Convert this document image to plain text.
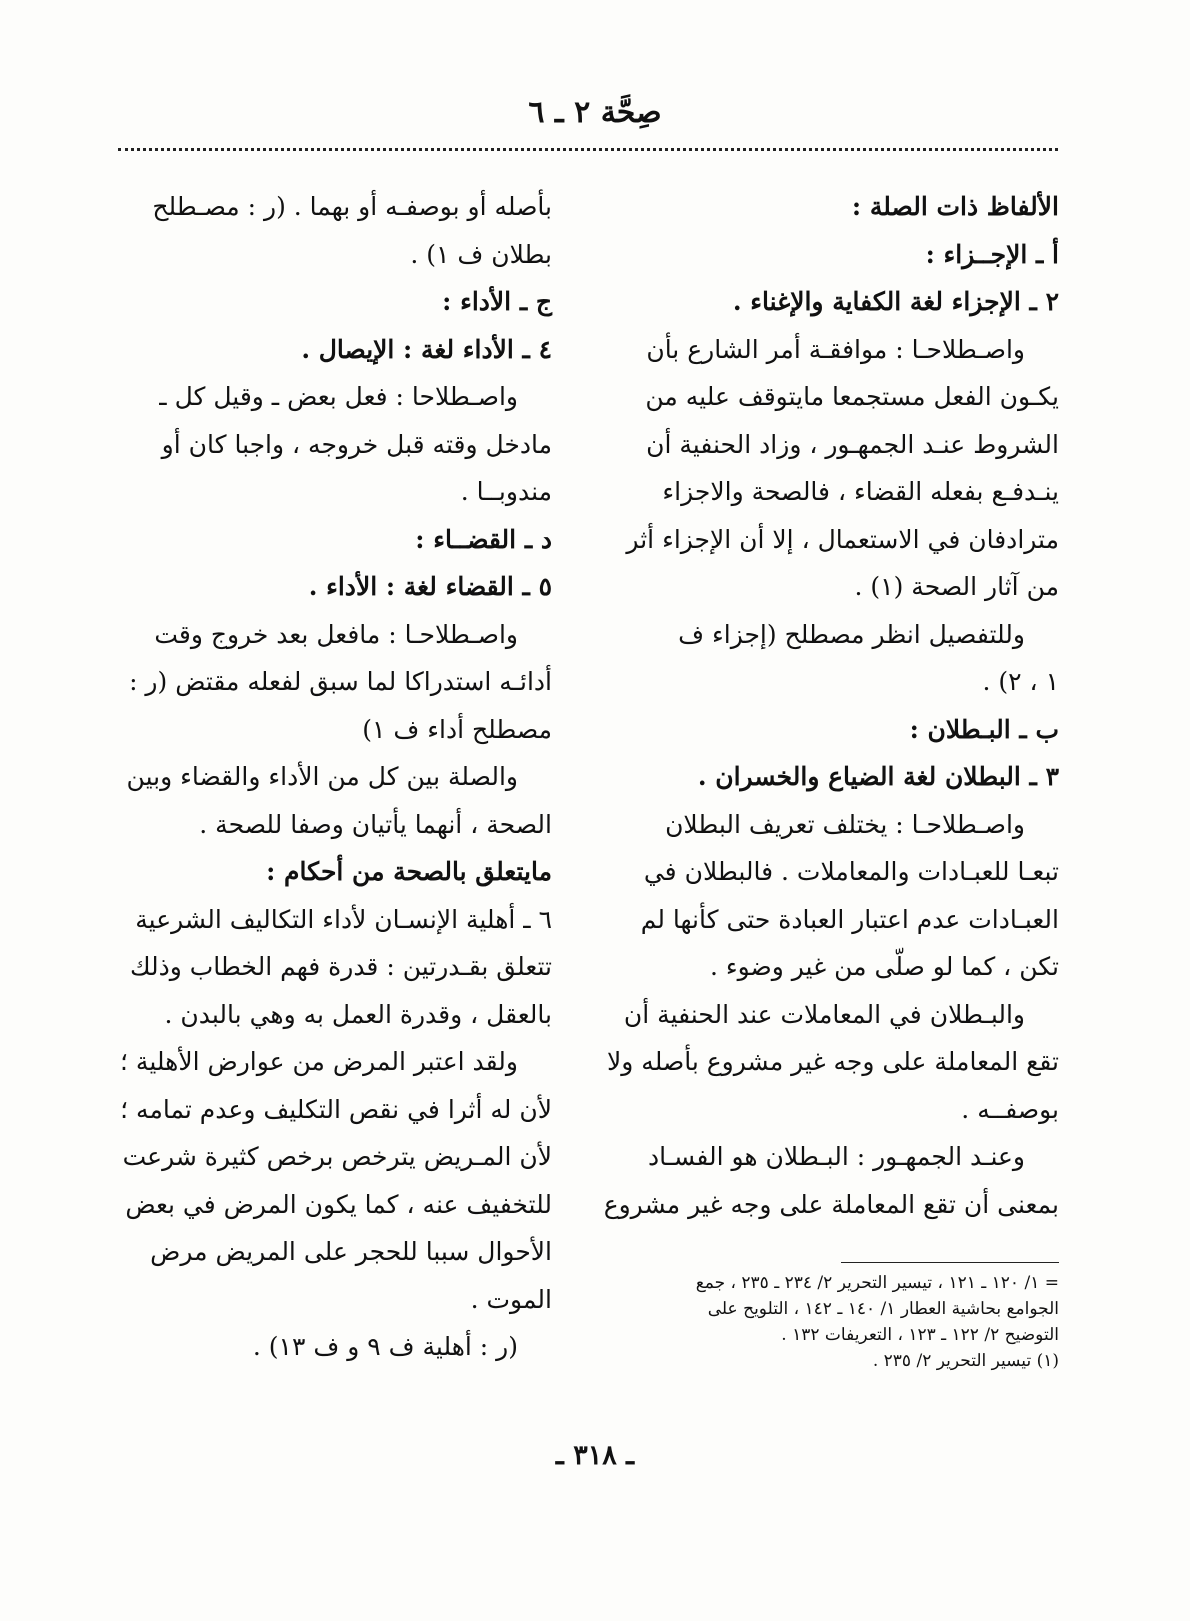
صِحَّة ٢ ـ ٦
الألفاظ ذات الصلة :
أ ـ الإجــزاء :
٢ ـ الإجزاء لغة الكفاية والإغناء .
واصـطلاحـا : موافقـة أمر الشارع بأن
يكـون الفعل مستجمعا مايتوقف عليه من
الشروط عنـد الجمهـور ، وزاد الحنفية أن
ينـدفـع بفعله القضاء ، فالصحة والاجزاء
مترادفان في الاستعمال ، إلا أن الإجزاء أثر
من آثار الصحة (١) .
وللتفصيل انظر مصطلح (إجزاء ف
١ ، ٢) .
ب ـ البـطلان :
٣ ـ البطلان لغة الضياع والخسران .
واصـطلاحـا : يختلف تعريف البطلان
تبعـا للعبـادات والمعاملات . فالبطلان في
العبـادات عدم اعتبار العبادة حتى كأنها لم
تكن ، كما لو صلّى من غير وضوء .
والبـطلان في المعاملات عند الحنفية أن
تقع المعاملة على وجه غير مشروع بأصله ولا
بوصفــه .
وعنـد الجمهـور : البـطلان هو الفسـاد
بمعنى أن تقع المعاملة على وجه غير مشروع
بأصله أو بوصفـه أو بهما . (ر : مصـطلح
بطلان ف ١) .
ج ـ الأداء :
٤ ـ الأداء لغة : الإيصال .
واصـطلاحا : فعل بعض ـ وقيل كل ـ
مادخل وقته قبل خروجه ، واجبا كان أو
مندوبــا .
د ـ القضــاء :
٥ ـ القضاء لغة : الأداء .
واصـطلاحـا : مافعل بعد خروج وقت
أدائـه استدراكا لما سبق لفعله مقتض (ر :
مصطلح أداء ف ١)
والصلة بين كل من الأداء والقضاء وبين
الصحة ، أنهما يأتيان وصفا للصحة .
مايتعلق بالصحة من أحكام :
٦ ـ أهلية الإنسـان لأداء التكاليف الشرعية
تتعلق بقـدرتين : قدرة فهم الخطاب وذلك
بالعقل ، وقدرة العمل به وهي بالبدن .
ولقد اعتبر المرض من عوارض الأهلية ؛
لأن له أثرا في نقص التكليف وعدم تمامه ؛
لأن المـريض يترخص برخص كثيرة شرعت
للتخفيف عنه ، كما يكون المرض في بعض
الأحوال سببا للحجر على المريض مرض
الموت .
(ر : أهلية ف ٩ و ف ١٣) .
= ١/ ١٢٠ ـ ١٢١ ، تيسير التحرير ٢/ ٢٣٤ ـ ٢٣٥ ، جمع
الجوامع بحاشية العطار ١/ ١٤٠ ـ ١٤٢ ، التلويح على
التوضيح ٢/ ١٢٢ ـ ١٢٣ ، التعريفات ١٣٢ .
(١) تيسير التحرير ٢/ ٢٣٥ .
ـ ٣١٨ ـ
